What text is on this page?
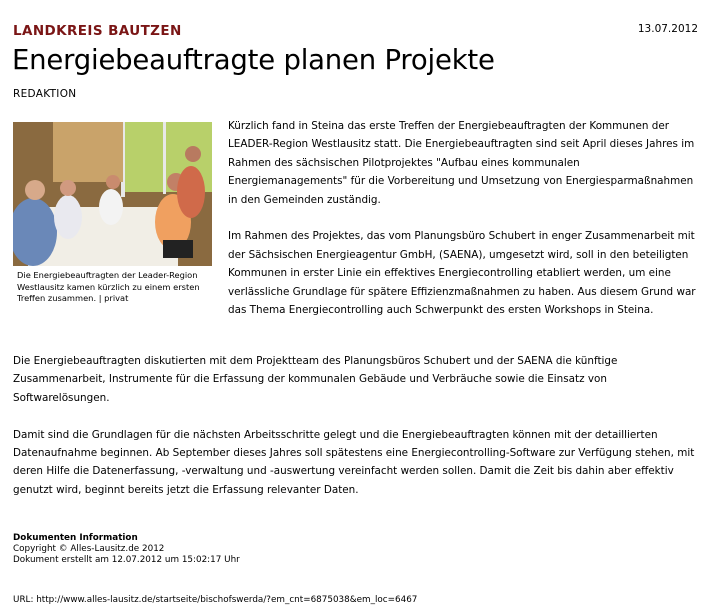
LANDKREIS BAUTZEN	13.07.2012
Energiebeauftragte planen Projekte
REDAKTION
Die Energiebeauftragten der Leader-Region Westlausitz kamen kürzlich zu einem ersten Treffen zusammen. | privat

Kürzlich fand in Steina das erste Treffen der Energiebeauftragten der Kommunen der LEADER-Region Westlausitz statt. Die Energiebeauftragten sind seit April dieses Jahres im Rahmen des sächsischen Pilotprojektes "Aufbau eines kommunalen Energiemanagements" für die Vorbereitung und Umsetzung von Energiesparmaßnahmen in den Gemeinden zuständig.

Im Rahmen des Projektes, das vom Planungsbüro Schubert in enger Zusammenarbeit mit der Sächsischen Energieagentur GmbH, (SAENA), umgesetzt wird, soll in den beteiligten Kommunen in erster Linie ein effektives Energiecontrolling etabliert werden, um eine verlässliche Grundlage für spätere Effizienzmaßnahmen zu haben. Aus diesem Grund war das Thema Energiecontrolling auch Schwerpunkt des ersten Workshops in Steina.

Die Energiebeauftragten diskutierten mit dem Projektteam des Planungsbüros Schubert und der SAENA die künftige Zusammenarbeit, Instrumente für die Erfassung der kommunalen Gebäude und Verbräuche sowie die Einsatz von Softwarelösungen.

Damit sind die Grundlagen für die nächsten Arbeitsschritte gelegt und die Energiebeauftragten können mit der detaillierten Datenaufnahme beginnen. Ab September dieses Jahres soll spätestens eine Energiecontrolling-Software zur Verfügung stehen, mit deren Hilfe die Datenerfassung, -verwaltung und -auswertung vereinfacht werden sollen. Damit die Zeit bis dahin aber effektiv genutzt wird, beginnt bereits jetzt die Erfassung relevanter Daten.

Dokumenten Information
Copyright © Alles-Lausitz.de 2012
Dokument erstellt am 12.07.2012 um 15:02:17 Uhr
URL: http://www.alles-lausitz.de/startseite/bischofswerda/?em_cnt=6875038&em_loc=6467
